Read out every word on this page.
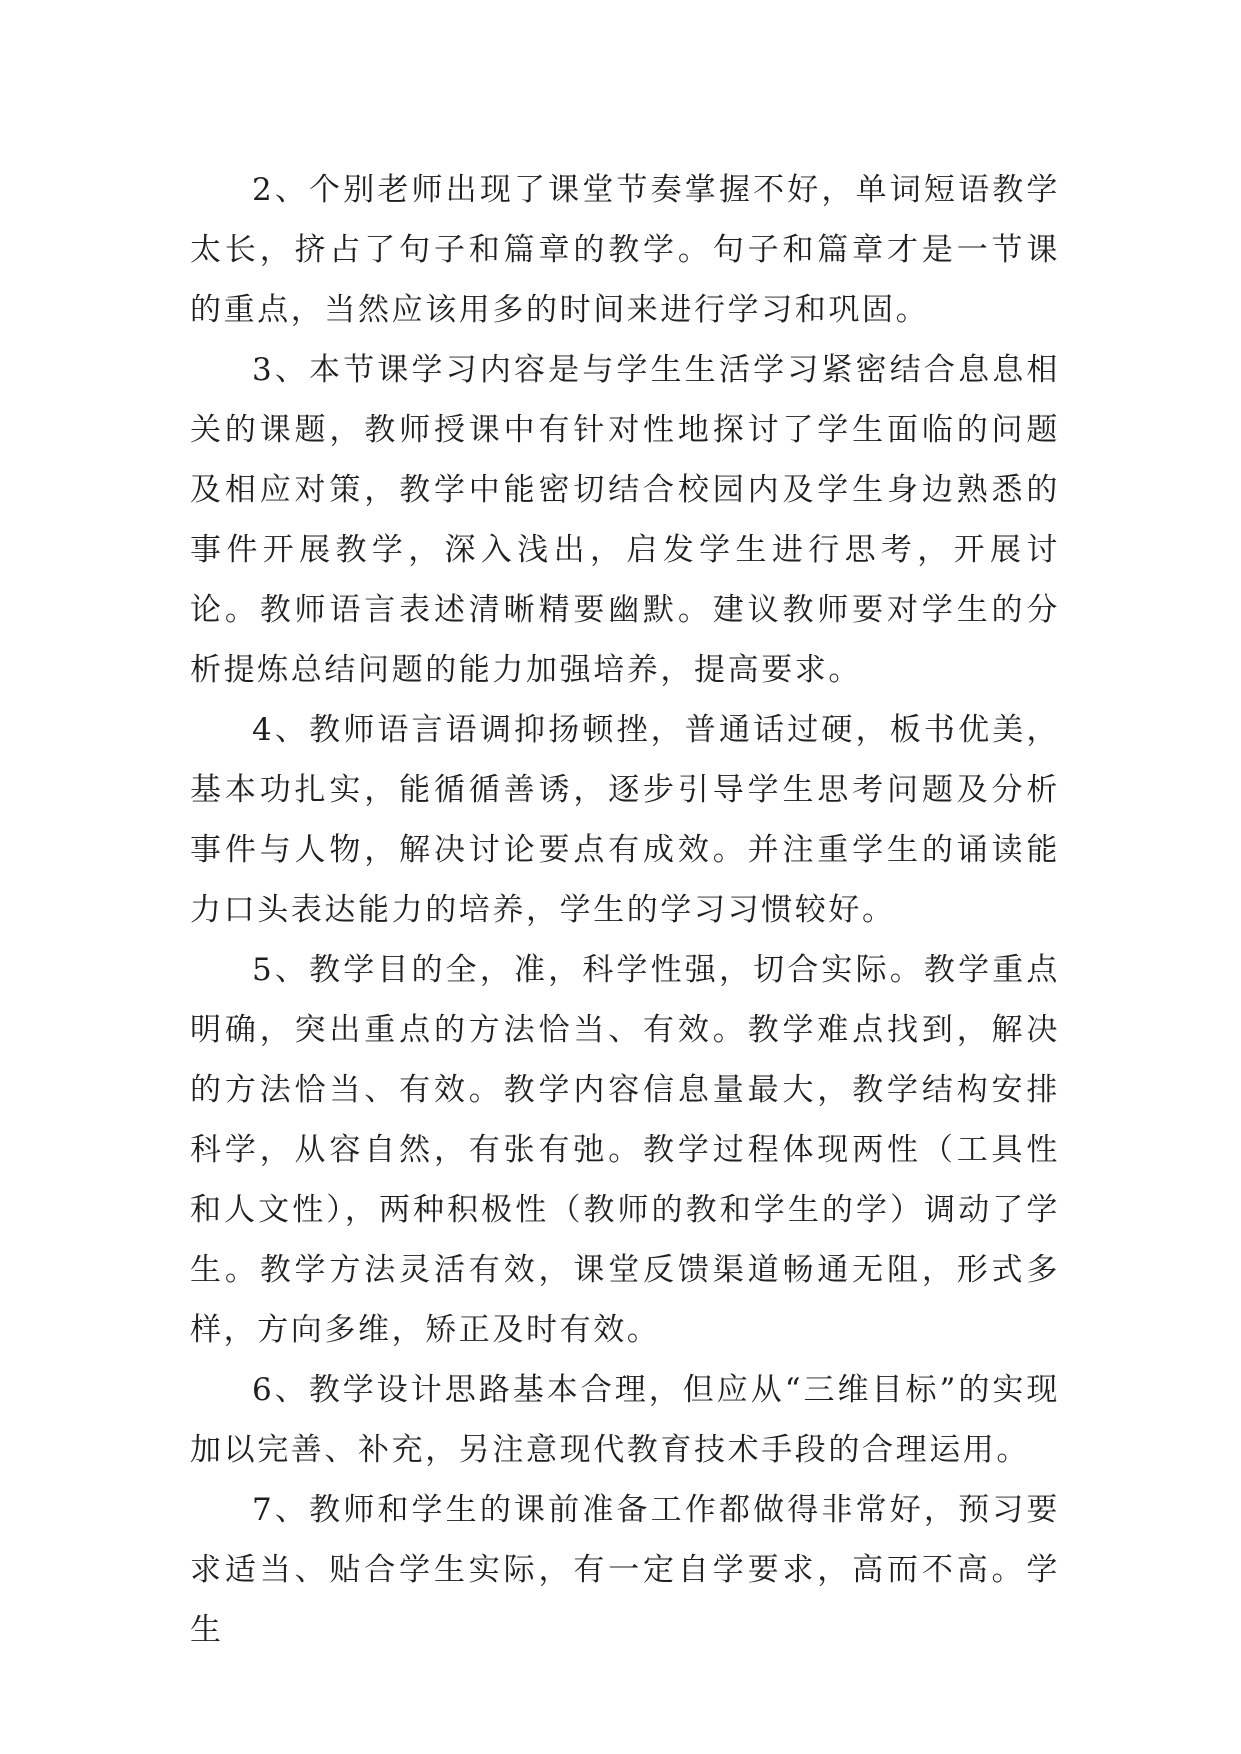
2、个别老师出现了课堂节奏掌握不好，单词短语教学太长，挤占了句子和篇章的教学。句子和篇章才是一节课的重点，当然应该用多的时间来进行学习和巩固。

3、本节课学习内容是与学生生活学习紧密结合息息相关的课题，教师授课中有针对性地探讨了学生面临的问题及相应对策，教学中能密切结合校园内及学生身边熟悉的事件开展教学，深入浅出，启发学生进行思考，开展讨论。教师语言表述清晰精要幽默。建议教师要对学生的分析提炼总结问题的能力加强培养，提高要求。

4、教师语言语调抑扬顿挫，普通话过硬，板书优美，基本功扎实，能循循善诱，逐步引导学生思考问题及分析事件与人物，解决讨论要点有成效。并注重学生的诵读能力口头表达能力的培养，学生的学习习惯较好。

5、教学目的全，准，科学性强，切合实际。教学重点明确，突出重点的方法恰当、有效。教学难点找到，解决的方法恰当、有效。教学内容信息量最大，教学结构安排科学，从容自然，有张有弛。教学过程体现两性（工具性和人文性），两种积极性（教师的教和学生的学）调动了学生。教学方法灵活有效，课堂反馈渠道畅通无阻，形式多样，方向多维，矫正及时有效。

6、教学设计思路基本合理，但应从“三维目标”的实现加以完善、补充，另注意现代教育技术手段的合理运用。

7、教师和学生的课前准备工作都做得非常好，预习要求适当、贴合学生实际，有一定自学要求，高而不高。学生
